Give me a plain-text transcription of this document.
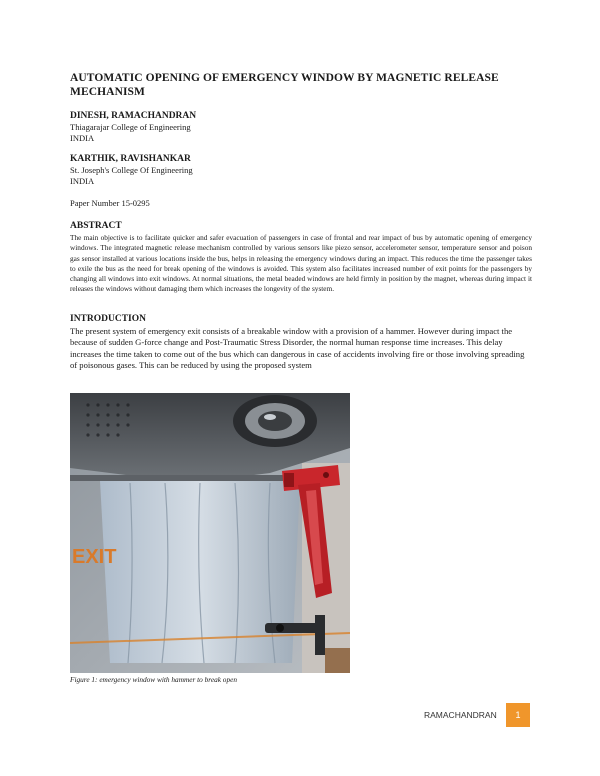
AUTOMATIC OPENING OF EMERGENCY WINDOW BY MAGNETIC RELEASE MECHANISM
DINESH, RAMACHANDRAN
Thiagarajar College of Engineering
INDIA
KARTHIK, RAVISHANKAR
St. Joseph's College Of Engineering
INDIA
Paper Number 15-0295
ABSTRACT
The main objective is to facilitate quicker and safer evacuation of passengers in case of frontal and rear impact of bus by automatic opening of emergency windows. The integrated magnetic release mechanism controlled by various sensors like piezo sensor, accelerometer sensor, temperature sensor and poison gas sensor installed at various locations inside the bus, helps in releasing the emergency windows during an impact. This reduces the time the passenger takes to exile the bus as the need for break opening of the windows is avoided. This system also facilitates increased number of exit points for the passengers by changing all windows into exit windows. At normal situations, the metal beaded windows are held firmly in position by the magnet, whereas during impact it releases the windows without damaging them which increases the longevity of the system.
INTRODUCTION
The present system of emergency exit consists of a breakable window with a provision of a hammer. However during impact the because of sudden G-force change and Post-Traumatic Stress Disorder, the normal human response time increases. This delay increases the time taken to come out of the bus which can dangerous in case of accidents involving fire or those involving spreading of poisonous gases. This can be reduced by using the proposed system
EXIT
Figure 1: emergency window with hammer to break open
RAMACHANDRAN	1
